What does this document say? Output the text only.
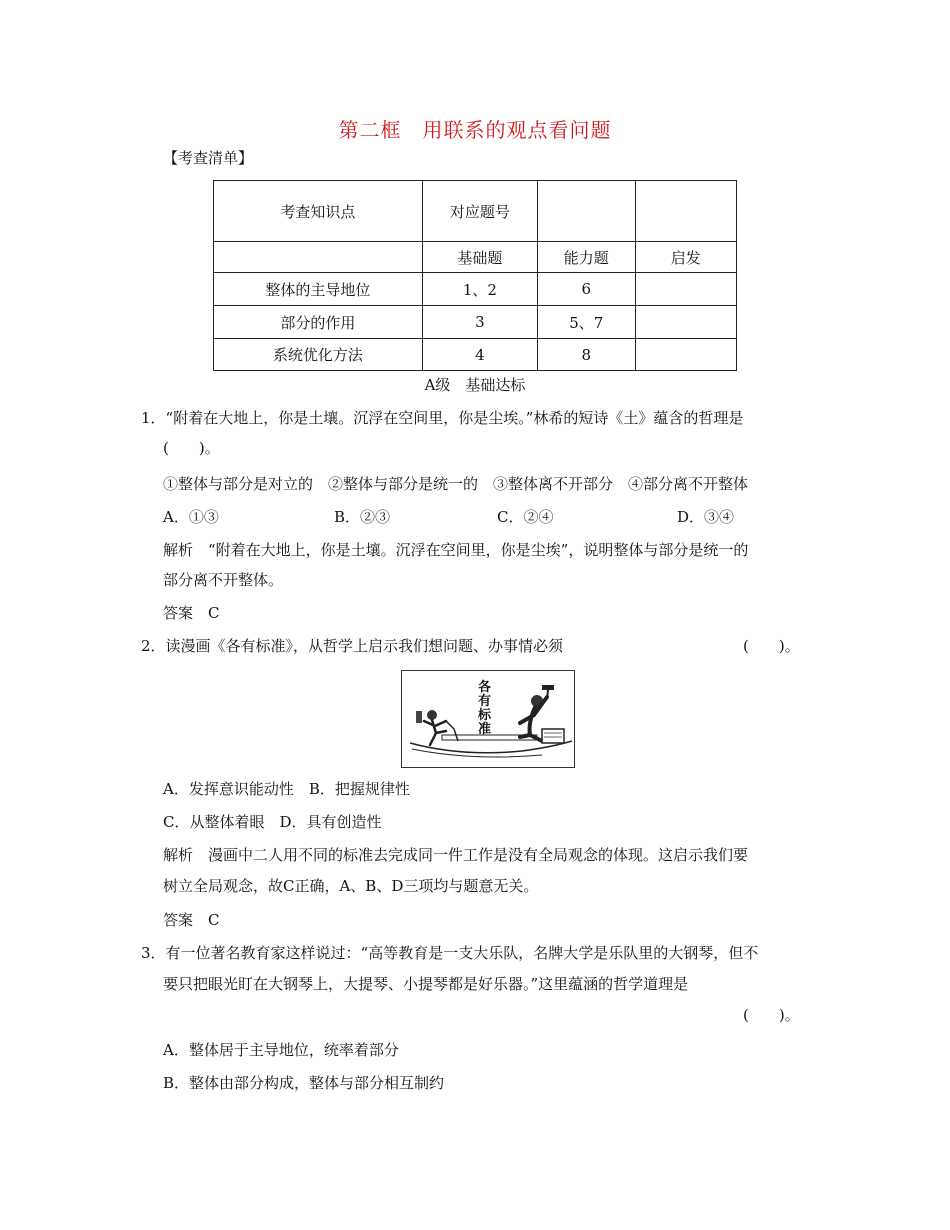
第二框　用联系的观点看问题
【考查清单】
考查知识点	对应题号		
	基础题	能力题	启发
整体的主导地位	1、2	6	
部分的作用	3	5、7	
系统优化方法	4	8	
A级　基础达标
1．“附着在大地上，你是土壤。沉浮在空间里，你是尘埃。”林希的短诗《土》蕴含的哲理是
(　　)。
①整体与部分是对立的　②整体与部分是统一的　③整体离不开部分　④部分离不开整体
A．①③	B．②③	C．②④	D．③④
解析　“附着在大地上，你是土壤。沉浮在空间里，你是尘埃”，说明整体与部分是统一的
部分离不开整体。
答案　C
2．读漫画《各有标准》，从哲学上启示我们想问题、办事情必须	(　　)。
各
有
标
准
A．发挥意识能动性　B．把握规律性
C．从整体着眼　D．具有创造性
解析　漫画中二人用不同的标准去完成同一件工作是没有全局观念的体现。这启示我们要
树立全局观念，故C正确，A、B、D三项均与题意无关。
答案　C
3．有一位著名教育家这样说过：“高等教育是一支大乐队，名牌大学是乐队里的大钢琴，但不
要只把眼光盯在大钢琴上，大提琴、小提琴都是好乐器。”这里蕴涵的哲学道理是
(　　)。
A．整体居于主导地位，统率着部分
B．整体由部分构成，整体与部分相互制约
